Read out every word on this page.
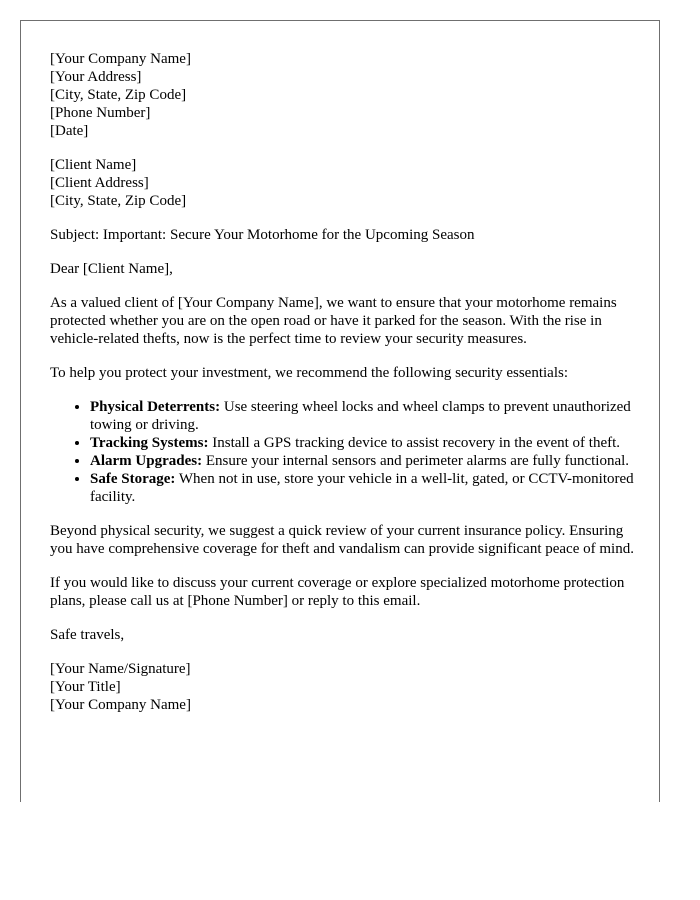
[Your Company Name]
[Your Address]
[City, State, Zip Code]
[Phone Number]
[Date]
[Client Name]
[Client Address]
[City, State, Zip Code]

Subject: Important: Secure Your Motorhome for the Upcoming Season

Dear [Client Name],

As a valued client of [Your Company Name], we want to ensure that your motorhome remains protected whether you are on the open road or have it parked for the season. With the rise in vehicle-related thefts, now is the perfect time to review your security measures.

To help you protect your investment, we recommend the following security essentials:

• Physical Deterrents: Use steering wheel locks and wheel clamps to prevent unauthorized towing or driving.
• Tracking Systems: Install a GPS tracking device to assist recovery in the event of theft.
• Alarm Upgrades: Ensure your internal sensors and perimeter alarms are fully functional.
• Safe Storage: When not in use, store your vehicle in a well-lit, gated, or CCTV-monitored facility.

Beyond physical security, we suggest a quick review of your current insurance policy. Ensuring you have comprehensive coverage for theft and vandalism can provide significant peace of mind.

If you would like to discuss your current coverage or explore specialized motorhome protection plans, please call us at [Phone Number] or reply to this email.

Safe travels,

[Your Name/Signature]
[Your Title]
[Your Company Name]
